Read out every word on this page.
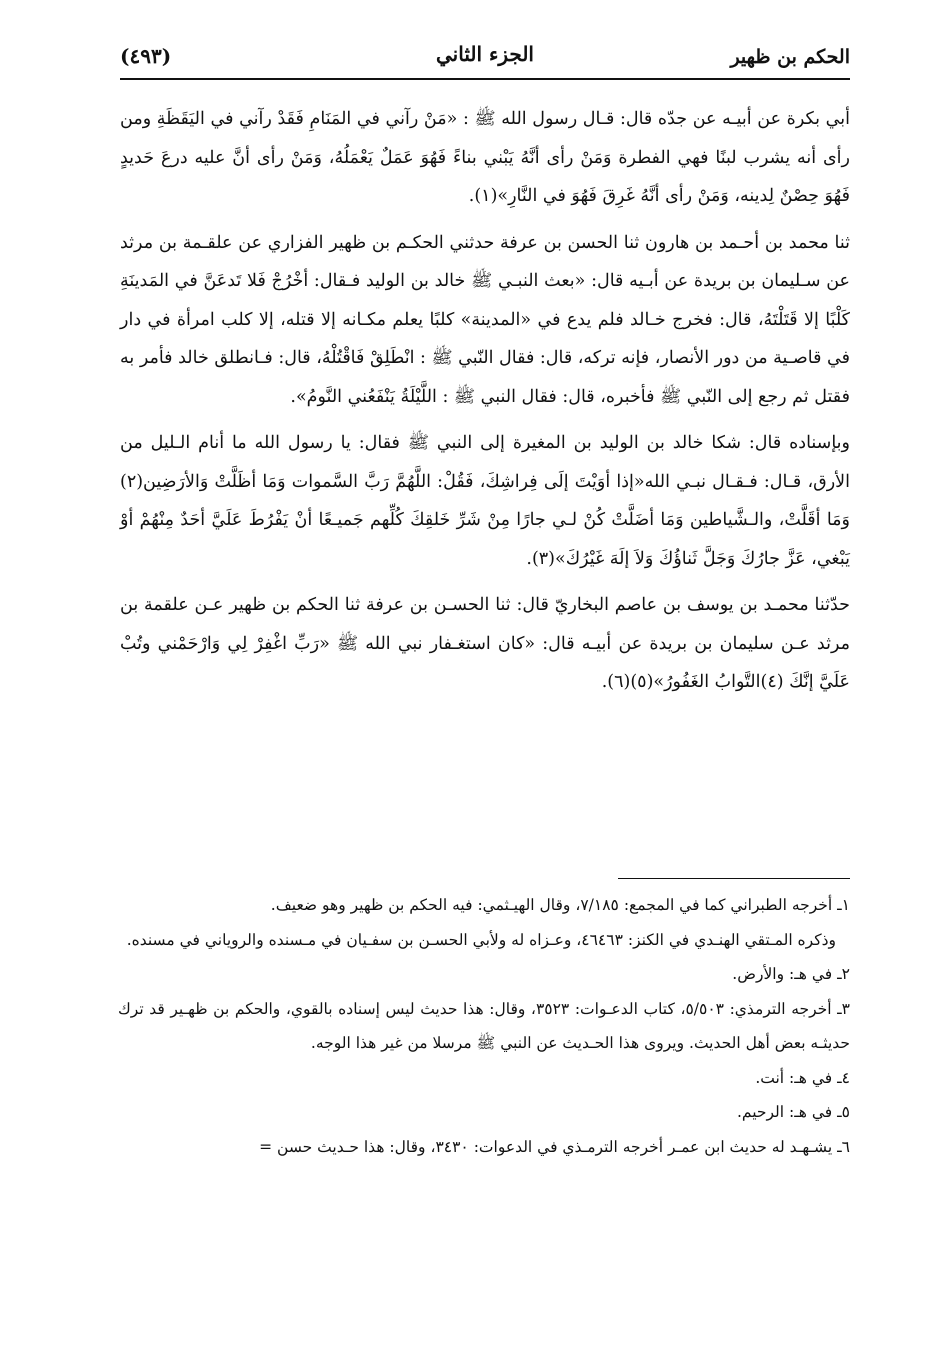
الحكم بن ظهير
الجزء الثاني
(٤٩٣)

أبي بكرة عن أبيـه عن جدّه قال: قـال رسول الله ﷺ : «مَنْ رآني في المَنَامِ فَقَدْ رآني في اليَقَظَةِ ومن رأى أنه يشرب لبنًا فهي الفطرة وَمَنْ رأى أنَّهُ يَبْني بناءً فَهُوَ عَمَلٌ يَعْمَلُهُ، وَمَنْ رأى أنَّ عليه درعَ حَديدٍ فَهُوَ حِصْنٌ لِدينه، وَمَنْ رأى أنَّهُ غَرِقَ فَهُوَ في النَّارِ»(١).

ثنا محمد بن أحـمد بن هارون ثنا الحسن بن عرفة حدثني الحكـم بن ظهير الفزاري عن علقـمة بن مرثد عن سـليمان بن بريدة عن أبـيه قال: «بعث النبـي ﷺ خالد بن الوليد فـقال: أخْرُجْ فَلا تَدعَنَّ في المَدينَةِ كَلْبًا إلا قَتَلْتَهُ، قال: فخرج خـالد فلم يدع في «المدينة» كلبًا يعلم مكـانه إلا قتله، إلا كلب امرأة في دار في قاصـية من دور الأنصار، فإنه تركه، قال: فقال النّبي ﷺ : انْطَلِقْ فَاقْتُلْهُ، قال: فـانطلق خالد فأمر به فقتل ثم رجع إلى النّبي ﷺ فأخبره، قال: فقال النبي ﷺ : اللَّيْلَةُ يَنْفَعُني النَّومُ».

وبإسناده قال: شكا خالد بن الوليد بن المغيرة إلى النبي ﷺ فقال: يا رسول الله ما أنام الـليل من الأرق، قـال: فـقـال نبـي الله«إذا أوَيْتَ إلَى فِراشِكَ، فَقُلْ: اللَّهُمَّ رَبَّ السَّموات وَمَا أظَلَّتْ وَالأرَضِين(٢) وَمَا أقَلَّتْ، والـشَّياطين وَمَا أضَلَّتْ كُنْ لـي جارًا مِنْ شَرِّ خَلقِكَ كُلِّهم جَميـعًا أنْ يَفْرُطَ عَلَيَّ أحَدٌ مِنْهُمْ أوْ يَبْغي، عَزَّ جارُكَ وَجَلَّ ثَناؤُكَ وَلاَ إلَهَ غَيْرُكَ»(٣).

حدّثنا محمـد بن يوسف بن عاصم البخاريّ قال: ثنا الحسـن بن عرفة ثنا الحكم بن ظهير عـن علقمة بن مرثد عـن سليمان بن بريدة عن أبيـه قال: «كان استغـفار نبي الله ﷺ «رَبِّ اغْفِرْ لِي وَارْحَمْني وتُبْ عَلَيَّ إنَّكَ (٤)التَّوابُ الغَفُورُ»(٥)(٦).

١ـ أخرجه الطبراني كما في المجمع: ٧/١٨٥، وقال الهيـثمي: فيه الحكم بن ظهير وهو ضعيف.

وذكره المـتقي الهنـدي في الكنز: ٤٦٤٦٣، وعـزاه له ولأبي الحسـن بن سفـيان في مـسنده والروياني في مسنده.

٢ـ في هـ: والأرض.

٣ـ أخرجه الترمذي: ٥/٥٠٣، كتاب الدعـوات: ٣٥٢٣، وقال: هذا حديث ليس إسناده بالقوي، والحكم بن ظهـير قد ترك حديثـه بعض أهل الحديث. ويروى هذا الحـديث عن النبي ﷺ مرسلا من غير هذا الوجه.

٤ـ في هـ: أنت.

٥ـ في هـ: الرحيم.

٦ـ يشـهـد له حديث ابن عمـر أخرجه الترمـذي في الدعوات: ٣٤٣٠، وقال: هذا حـديث حسن =
